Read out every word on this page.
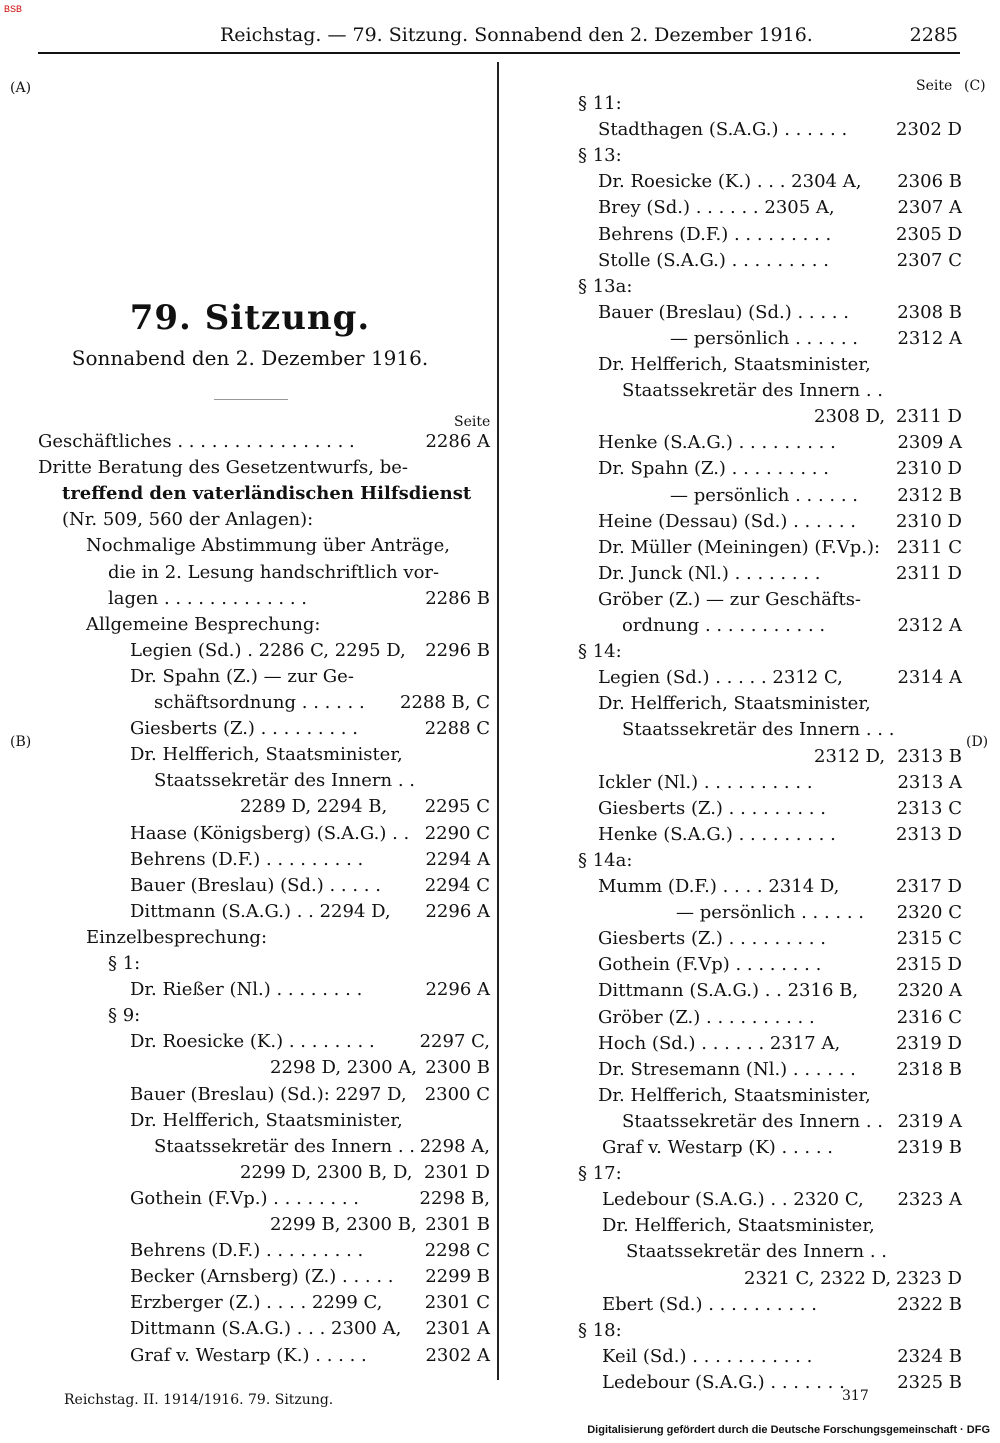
BSB
Reichstag. — 79. Sitzung. Sonnabend den 2. Dezember 1916.	2285
(A)
(B)
(C)
(D)
Seite
79. Sitzung.
Sonnabend den 2. Dezember 1916.
Seite
Geschäftliches . . . . . . . . . . . . . . . .	2286 A
Dritte Beratung des Gesetzentwurfs, be-
treffend den vaterländischen Hilfsdienst
(Nr. 509, 560 der Anlagen):
Nochmalige Abstimmung über Anträge,
die in 2. Lesung handschriftlich vor-
lagen . . . . . . . . . . . . .	2286 B
Allgemeine Besprechung:
Legien (Sd.) . 2286 C, 2295 D, 2296 B
Dr. Spahn (Z.) — zur Ge-
schäftsordnung . . . . . . 2288 B, C
Giesberts (Z.) . . . . . . . . .	2288 C
Dr. Helfferich, Staatsminister,
Staatssekretär des Innern . .
2289 D, 2294 B, 2295 C
Haase (Königsberg) (S.A.G.) . . 2290 C
Behrens (D.F.) . . . . . . . . .	2294 A
Bauer (Breslau) (Sd.) . . . . . 2294 C
Dittmann (S.A.G.) . . 2294 D, 2296 A
Einzelbesprechung:
§ 1:
Dr. Rießer (Nl.) . . . . . . . .	2296 A
§ 9:
Dr. Roesicke (K.) . . . . . . . . 2297 C,
2298 D, 2300 A, 2300 B
Bauer (Breslau) (Sd.): 2297 D, 2300 C
Dr. Helfferich, Staatsminister,
Staatssekretär des Innern . . 2298 A,
2299 D, 2300 B, D, 2301 D
Gothein (F.Vp.) . . . . . . . .	2298 B,
2299 B, 2300 B, 2301 B
Behrens (D.F.) . . . . . . . . .	2298 C
Becker (Arnsberg) (Z.) . . . . . 2299 B
Erzberger (Z.) . . . . 2299 C, 2301 C
Dittmann (S.A.G.) . . . 2300 A, 2301 A
Graf v. Westarp (K.) . . . . .	2302 A
§ 11:
Stadthagen (S.A.G.) . . . . . .	2302 D
§ 13:
Dr. Roesicke (K.) . . . 2304 A, 2306 B
Brey (Sd.) . . . . . . 2305 A,	2307 A
Behrens (D.F.) . . . . . . . . .	2305 D
Stolle (S.A.G.) . . . . . . . . .	2307 C
§ 13a:
Bauer (Breslau) (Sd.) . . . . .	2308 B
— persönlich . . . . . . 2312 A
Dr. Helfferich, Staatsminister,
Staatssekretär des Innern . .
2308 D, 2311 D
Henke (S.A.G.) . . . . . . . . .	2309 A
Dr. Spahn (Z.) . . . . . . . . .	2310 D
— persönlich . . . . . . 2312 B
Heine (Dessau) (Sd.) . . . . . . 2310 D
Dr. Müller (Meiningen) (F.Vp.): 2311 C
Dr. Junck (Nl.) . . . . . . . .	2311 D
Gröber (Z.) — zur Geschäfts-
ordnung . . . . . . . . . . .	2312 A
§ 14:
Legien (Sd.) . . . . . 2312 C,	2314 A
Dr. Helfferich, Staatsminister,
Staatssekretär des Innern . . .
2312 D, 2313 B
Ickler (Nl.) . . . . . . . . . .	2313 A
Giesberts (Z.) . . . . . . . . .	2313 C
Henke (S.A.G.) . . . . . . . . .	2313 D
§ 14a:
Mumm (D.F.) . . . . 2314 D,	2317 D
— persönlich . . . . . . 2320 C
Giesberts (Z.) . . . . . . . . .	2315 C
Gothein (F.Vp) . . . . . . . .	2315 D
Dittmann (S.A.G.) . . 2316 B, 2320 A
Gröber (Z.) . . . . . . . . . .	2316 C
Hoch (Sd.) . . . . . . 2317 A,	2319 D
Dr. Stresemann (Nl.) . . . . . . 2318 B
Dr. Helfferich, Staatsminister,
Staatssekretär des Innern . . 2319 A
Graf v. Westarp (K) . . . . .	2319 B
§ 17:
Ledebour (S.A.G.) . . 2320 C, 2323 A
Dr. Helfferich, Staatsminister,
Staatssekretär des Innern . .
2321 C, 2322 D, 2323 D
Ebert (Sd.) . . . . . . . . . .	2322 B
§ 18:
Keil (Sd.) . . . . . . . . . . .	2324 B
Ledebour (S.A.G.) . . . . . . .	2325 B
Reichstag. II. 1914/1916. 79. Sitzung.	317
Digitalisierung gefördert durch die Deutsche Forschungsgemeinschaft · DFG
